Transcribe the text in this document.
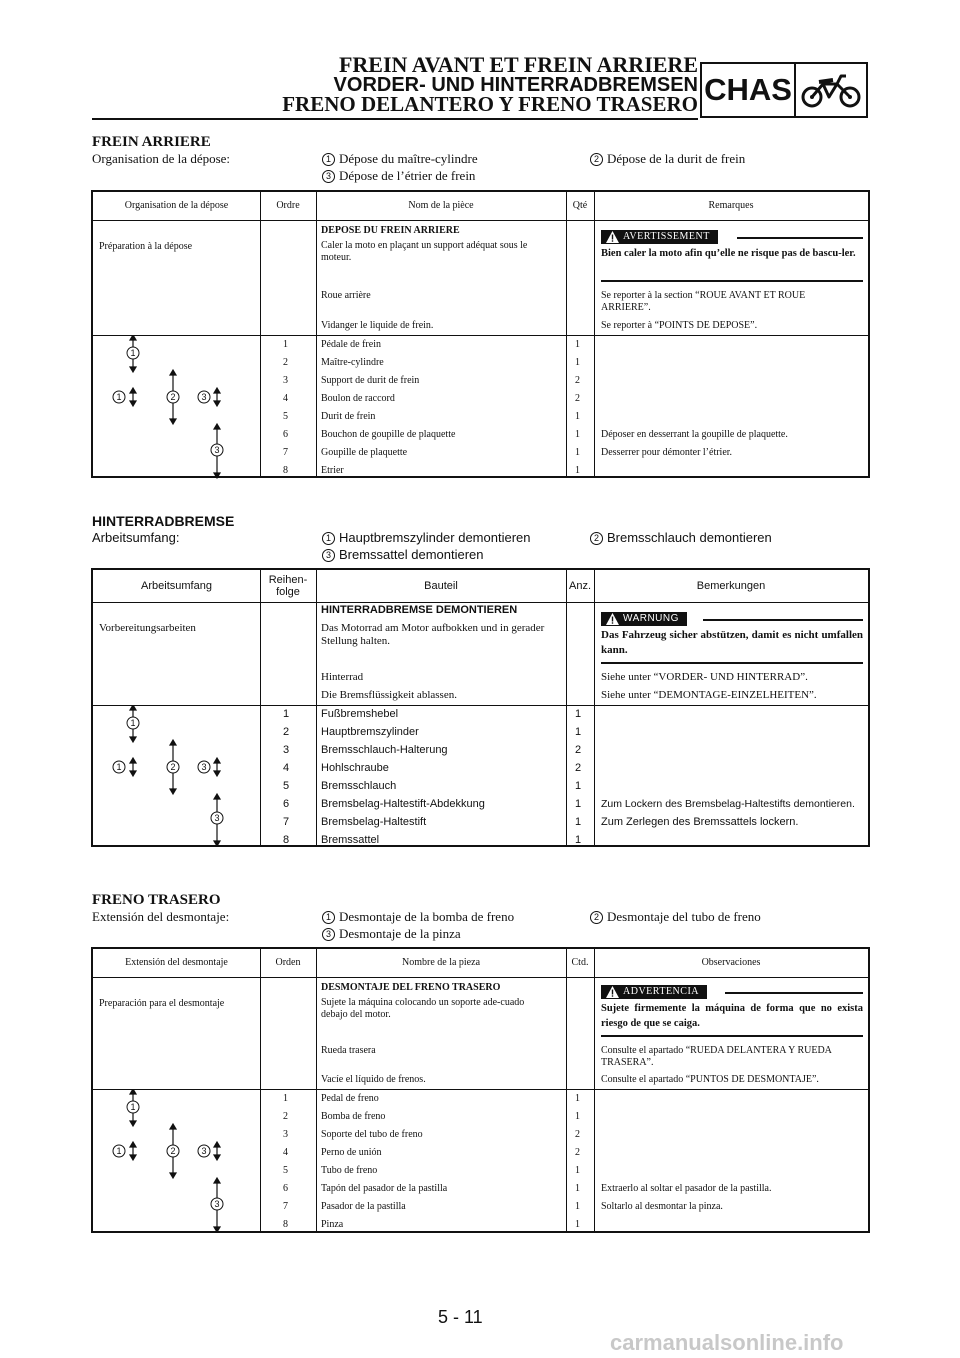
FREIN AVANT ET FREIN ARRIERE
VORDER- UND HINTERRADBREMSEN
FRENO DELANTERO Y FRENO TRASERO CHAS
FREIN ARRIERE
Organisation de la dépose:	1 Dépose du maître-cylindre	2 Dépose de la durit de frein
3 Dépose de l’étrier de frein
Organisation de la dépose	Ordre	Nom de la pièce	Qté	Remarques
DEPOSE DU FREIN ARRIERE
Préparation à la dépose	Caler la moto en plaçant un support adéquat sous le moteur.
AVERTISSEMENT
Bien caler la moto afin qu’elle ne risque pas de bascu-ler.
Roue arrière	Se reporter à la section “ROUE AVANT ET ROUE ARRIERE”.
Vidanger le liquide de frein.	Se reporter à “POINTS DE DEPOSE”.
1
1	2	3
3
1	Pédale de frein	1
2	Maître-cylindre	1
3	Support de durit de frein	2
4	Boulon de raccord	2
5	Durit de frein	1
6	Bouchon de goupille de plaquette	1 Déposer en desserrant la goupille de plaquette.
7	Goupille de plaquette	1 Desserrer pour démonter l’étrier.
8	Etrier	1
HINTERRADBREMSE
Arbeitsumfang:	1 Hauptbremszylinder demontieren	2 Bremsschlauch demontieren
3 Bremssattel demontieren
Arbeitsumfang	Reihen-folge	Bauteil	Anz.	Bemerkungen
HINTERRADBREMSE DEMONTIEREN
Vorbereitungsarbeiten	Das Motorrad am Motor aufbokken und in gerader Stellung halten.
WARNUNG
Das Fahrzeug sicher abstützen, damit es nicht umfallen kann.
Hinterrad	Siehe unter “VORDER- UND HINTERRAD”.
Die Bremsflüssigkeit ablassen.	Siehe unter “DEMONTAGE-EINZELHEITEN”.
1
1	2	3
3
1	Fußbremshebel	1
2	Hauptbremszylinder	1
3	Bremsschlauch-Halterung	2
4	Hohlschraube	2
5	Bremsschlauch	1
6	Bremsbelag-Haltestift-Abdekkung	1 Zum Lockern des Bremsbelag-Haltestifts demontieren.
7	Bremsbelag-Haltestift	1 Zum Zerlegen des Bremssattels lockern.
8	Bremssattel	1
FRENO TRASERO
Extensión del desmontaje:	1 Desmontaje de la bomba de freno	2 Desmontaje del tubo de freno
3 Desmontaje de la pinza
Extensión del desmontaje	Orden	Nombre de la pieza	Ctd.	Observaciones
DESMONTAJE DEL FRENO TRASERO
Preparación para el desmontaje	Sujete la máquina colocando un soporte ade-cuado debajo del motor.
ADVERTENCIA
Sujete firmemente la máquina de forma que no exista riesgo de que se caiga.
Rueda trasera	Consulte el apartado “RUEDA DELANTERA Y RUEDA TRASERA”.
Vacíe el líquido de frenos.	Consulte el apartado “PUNTOS DE DESMONTAJE”.
1
1	2	3
3
1	Pedal de freno	1
2	Bomba de freno	1
3	Soporte del tubo de freno	2
4	Perno de unión	2
5	Tubo de freno	1
6	Tapón del pasador de la pastilla	1 Extraerlo al soltar el pasador de la pastilla.
7	Pasador de la pastilla	1 Soltarlo al desmontar la pinza.
8	Pinza	1
5 - 11
carmanualsonline.info
